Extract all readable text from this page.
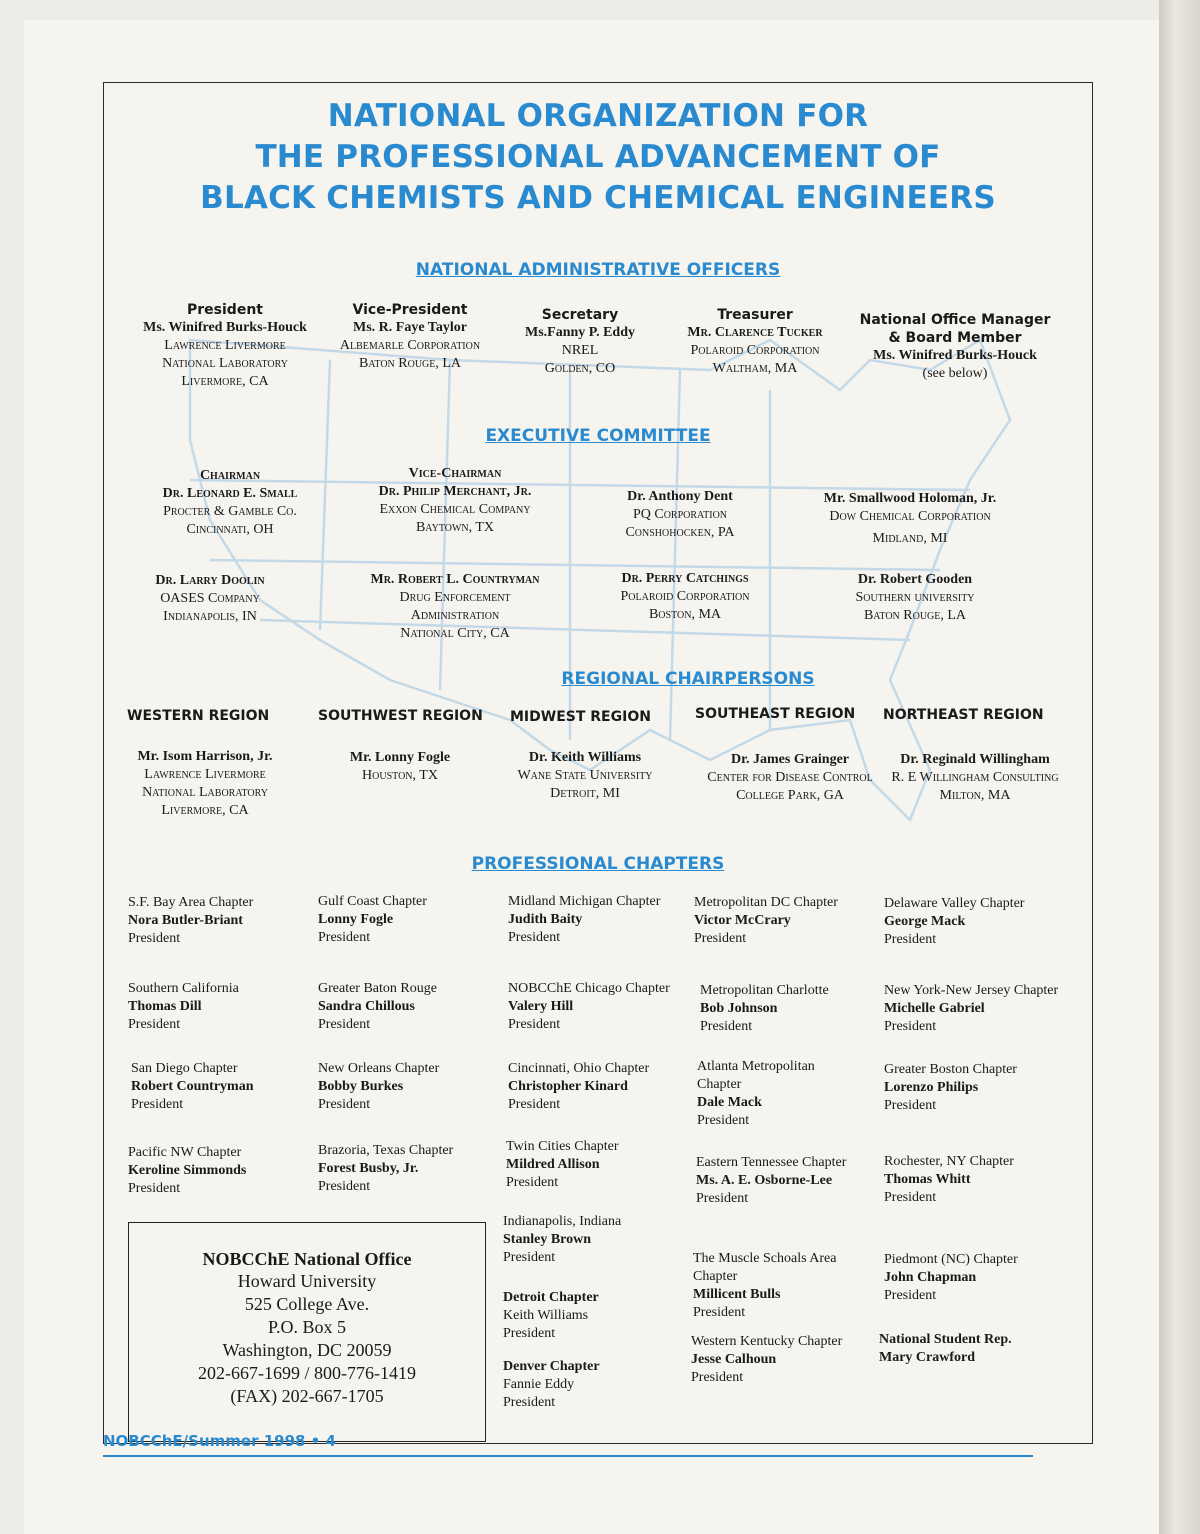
NATIONAL ORGANIZATION FOR
THE PROFESSIONAL ADVANCEMENT OF
BLACK CHEMISTS AND CHEMICAL ENGINEERS
NATIONAL ADMINISTRATIVE OFFICERS
President
Ms. Winifred Burks-Houck
Lawrence Livermore
National Laboratory
Livermore, CA
Vice-President
Ms. R. Faye Taylor
Albemarle Corporation
Baton Rouge, LA
Secretary
Ms.Fanny P. Eddy
NREL
Golden, CO
Treasurer
Mr. Clarence Tucker
Polaroid Corporation
Waltham, MA
National Office Manager
& Board Member
Ms. Winifred Burks-Houck
(see below)
EXECUTIVE COMMITTEE
Chairman
Dr. Leonard E. Small
Procter & Gamble Co.
Cincinnati, OH
Vice-Chairman
Dr. Philip Merchant, Jr.
Exxon Chemical Company
Baytown, TX
Dr. Anthony Dent
PQ Corporation
Conshohocken, PA
Mr. Smallwood Holoman, Jr.
Dow Chemical Corporation
Midland, MI
Dr. Larry Doolin
OASES Company
Indianapolis, IN
Mr. Robert L. Countryman
Drug Enforcement
Administration
National City, CA
Dr. Perry Catchings
Polaroid Corporation
Boston, MA
Dr. Robert Gooden
Southern university
Baton Rouge, LA
REGIONAL CHAIRPERSONS
WESTERN REGION	SOUTHWEST REGION MIDWEST REGION	SOUTHEAST REGION NORTHEAST REGION
Mr. Isom Harrison, Jr.
Lawrence Livermore
National Laboratory
Livermore, CA
Mr. Lonny Fogle
Houston, TX
Dr. Keith Williams
Wane State University
Detroit, MI
Dr. James Grainger
Center for Disease Control
College Park, GA
Dr. Reginald Willingham
R. E Willingham Consulting
Milton, MA
PROFESSIONAL CHAPTERS
S.F. Bay Area Chapter
Nora Butler-Briant
President
Southern California
Thomas Dill
President
San Diego Chapter
Robert Countryman
President
Pacific NW Chapter
Keroline Simmonds
President
Gulf Coast Chapter
Lonny Fogle
President
Greater Baton Rouge
Sandra Chillous
President
New Orleans Chapter
Bobby Burkes
President
Brazoria, Texas Chapter
Forest Busby, Jr.
President
Midland Michigan Chapter
Judith Baity
President
NOBCChE Chicago Chapter
Valery Hill
President
Cincinnati, Ohio Chapter
Christopher Kinard
President
Twin Cities Chapter
Mildred Allison
President
Indianapolis, Indiana
Stanley Brown
President
Detroit Chapter
Keith Williams
President
Denver Chapter
Fannie Eddy
President
Metropolitan DC Chapter
Victor McCrary
President
Metropolitan Charlotte
Bob Johnson
President
Atlanta Metropolitan
Chapter
Dale Mack
President
Eastern Tennessee Chapter
Ms. A. E. Osborne-Lee
President
The Muscle Schoals Area
Chapter
Millicent Bulls
President
Western Kentucky Chapter
Jesse Calhoun
President
Delaware Valley Chapter
George Mack
President
New York-New Jersey Chapter
Michelle Gabriel
President
Greater Boston Chapter
Lorenzo Philips
President
Rochester, NY Chapter
Thomas Whitt
President
Piedmont (NC) Chapter
John Chapman
President
National Student Rep.
Mary Crawford
NOBCChE National Office
Howard University
525 College Ave.
P.O. Box 5
Washington, DC 20059
202-667-1699 / 800-776-1419
(FAX) 202-667-1705
NOBCChE/Summer 1998 • 4
